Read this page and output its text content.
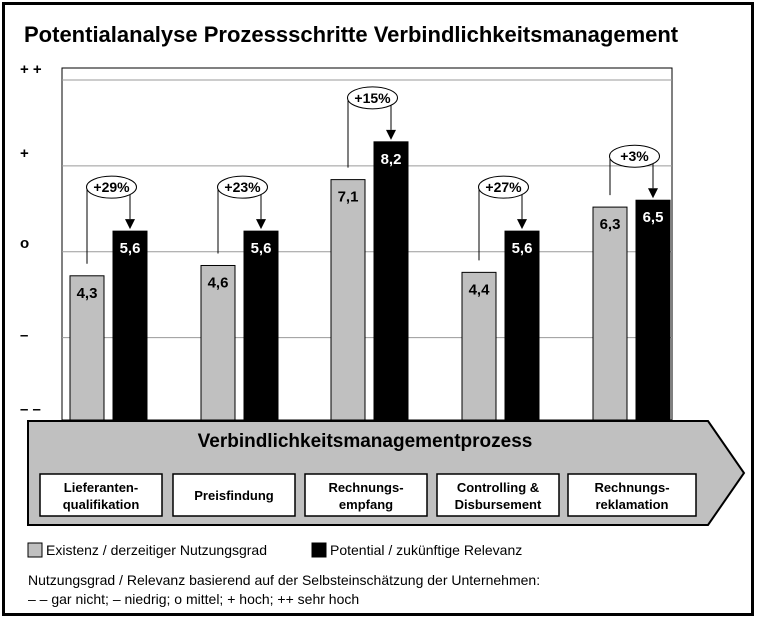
Potentialanalyse Prozessschritte Verbindlichkeitsmanagement
– –
–
o
+
+ +
4,3
4,6
7,1
4,4
6,3
5,6	5,6
8,2
5,6
6,5
+29%	+23%
+15%
+27%
+3%
Verbindlichkeitsmanagementprozess
Lieferanten-
qualifikation
Preisfindung
Rechnungs-
empfang
Controlling &
Disbursement
Rechnungs-
reklamation
Existenz / derzeitiger Nutzungsgrad	Potential / zukünftige Relevanz
Nutzungsgrad / Relevanz basierend auf der Selbsteinschätzung der Unternehmen:
– – gar nicht; – niedrig; o mittel; + hoch; ++ sehr hoch
